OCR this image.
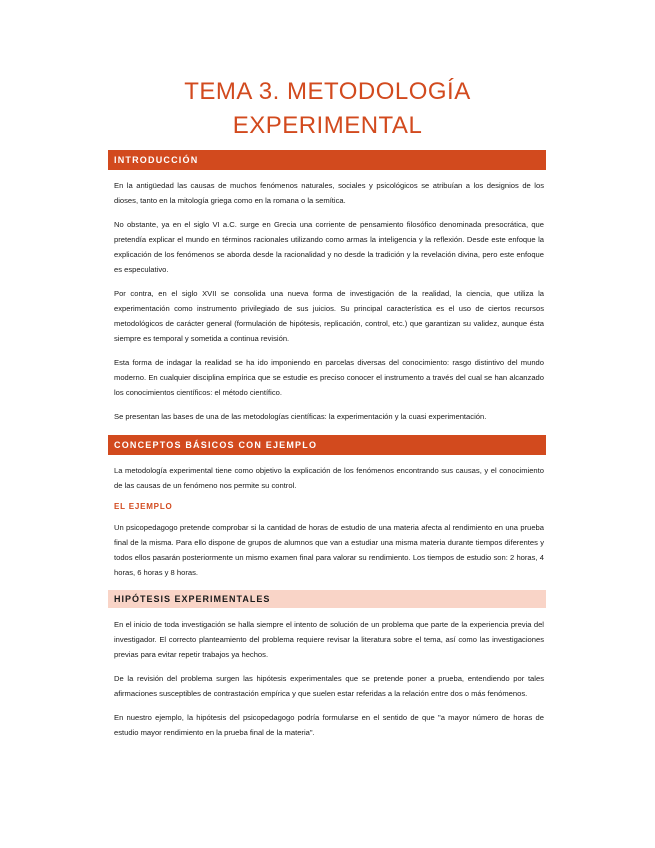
TEMA 3. METODOLOGÍA
EXPERIMENTAL
INTRODUCCIÓN

En la antigüedad las causas de muchos fenómenos naturales, sociales y psicológicos se atribuían a los designios de los dioses, tanto en la mitología griega como en la romana o la semítica.

No obstante, ya en el siglo VI a.C. surge en Grecia una corriente de pensamiento filosófico denominada presocrática, que pretendía explicar el mundo en términos racionales utilizando como armas la inteligencia y la reflexión. Desde este enfoque la explicación de los fenómenos se aborda desde la racionalidad y no desde la tradición y la revelación divina, pero este enfoque es especulativo.

Por contra, en el siglo XVII se consolida una nueva forma de investigación de la realidad, la ciencia, que utiliza la experimentación como instrumento privilegiado de sus juicios. Su principal característica es el uso de ciertos recursos metodológicos de carácter general (formulación de hipótesis, replicación, control, etc.) que garantizan su validez, aunque ésta siempre es temporal y sometida a continua revisión.

Esta forma de indagar la realidad se ha ido imponiendo en parcelas diversas del conocimiento: rasgo distintivo del mundo moderno. En cualquier disciplina empírica que se estudie es preciso conocer el instrumento a través del cual se han alcanzado los conocimientos científicos: el método científico.

Se presentan las bases de una de las metodologías científicas: la experimentación y la cuasi experimentación.

CONCEPTOS BÁSICOS CON EJEMPLO

La metodología experimental tiene como objetivo la explicación de los fenómenos encontrando sus causas, y el conocimiento de las causas de un fenómeno nos permite su control.

EL EJEMPLO

Un psicopedagogo pretende comprobar si la cantidad de horas de estudio de una materia afecta al rendimiento en una prueba final de la misma. Para ello dispone de grupos de alumnos que van a estudiar una misma materia durante tiempos diferentes y todos ellos pasarán posteriormente un mismo examen final para valorar su rendimiento. Los tiempos de estudio son: 2 horas, 4 horas, 6 horas y 8 horas.

HIPÓTESIS EXPERIMENTALES

En el inicio de toda investigación se halla siempre el intento de solución de un problema que parte de la experiencia previa del investigador. El correcto planteamiento del problema requiere revisar la literatura sobre el tema, así como las investigaciones previas para evitar repetir trabajos ya hechos.

De la revisión del problema surgen las hipótesis experimentales que se pretende poner a prueba, entendiendo por tales afirmaciones susceptibles de contrastación empírica y que suelen estar referidas a la relación entre dos o más fenómenos.

En nuestro ejemplo, la hipótesis del psicopedagogo podría formularse en el sentido de que "a mayor número de horas de estudio mayor rendimiento en la prueba final de la materia".
